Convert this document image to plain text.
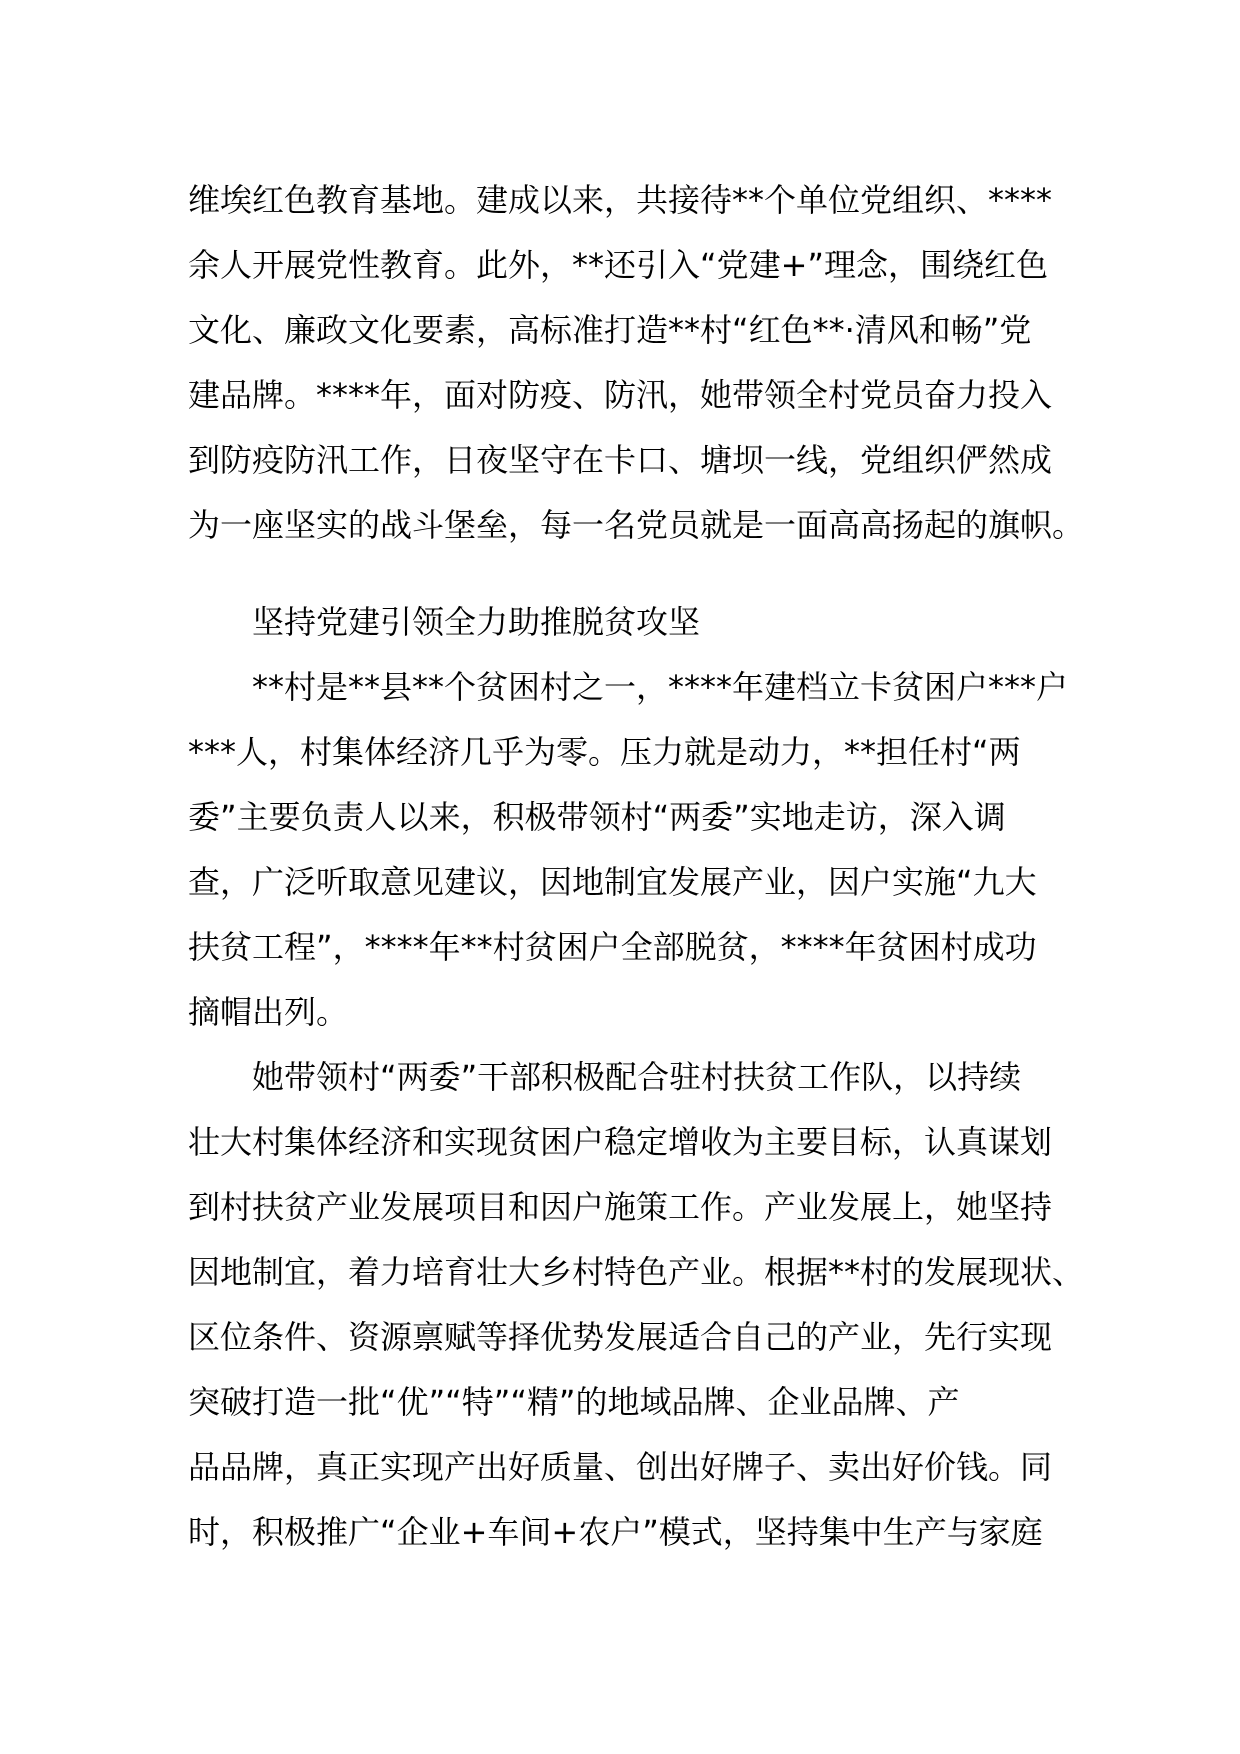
维埃红色教育基地。建成以来，共接待**个单位党组织、****
余人开展党性教育。此外，**还引入“党建+”理念，围绕红色
文化、廉政文化要素，高标准打造**村“红色**·清风和畅”党
建品牌。****年，面对防疫、防汛，她带领全村党员奋力投入
到防疫防汛工作，日夜坚守在卡口、塘坝一线，党组织俨然成
为一座坚实的战斗堡垒，每一名党员就是一面高高扬起的旗帜。
坚持党建引领全力助推脱贫攻坚
**村是**县**个贫困村之一，****年建档立卡贫困户***户
***人，村集体经济几乎为零。压力就是动力，**担任村“两
委”主要负责人以来，积极带领村“两委”实地走访，深入调
查，广泛听取意见建议，因地制宜发展产业，因户实施“九大
扶贫工程”，****年**村贫困户全部脱贫，****年贫困村成功
摘帽出列。
她带领村“两委”干部积极配合驻村扶贫工作队，以持续
壮大村集体经济和实现贫困户稳定增收为主要目标，认真谋划
到村扶贫产业发展项目和因户施策工作。产业发展上，她坚持
因地制宜，着力培育壮大乡村特色产业。根据**村的发展现状、
区位条件、资源禀赋等择优势发展适合自己的产业，先行实现
突破打造一批“优”“特”“精”的地域品牌、企业品牌、产
品品牌，真正实现产出好质量、创出好牌子、卖出好价钱。同
时，积极推广“企业+车间+农户”模式，坚持集中生产与家庭
